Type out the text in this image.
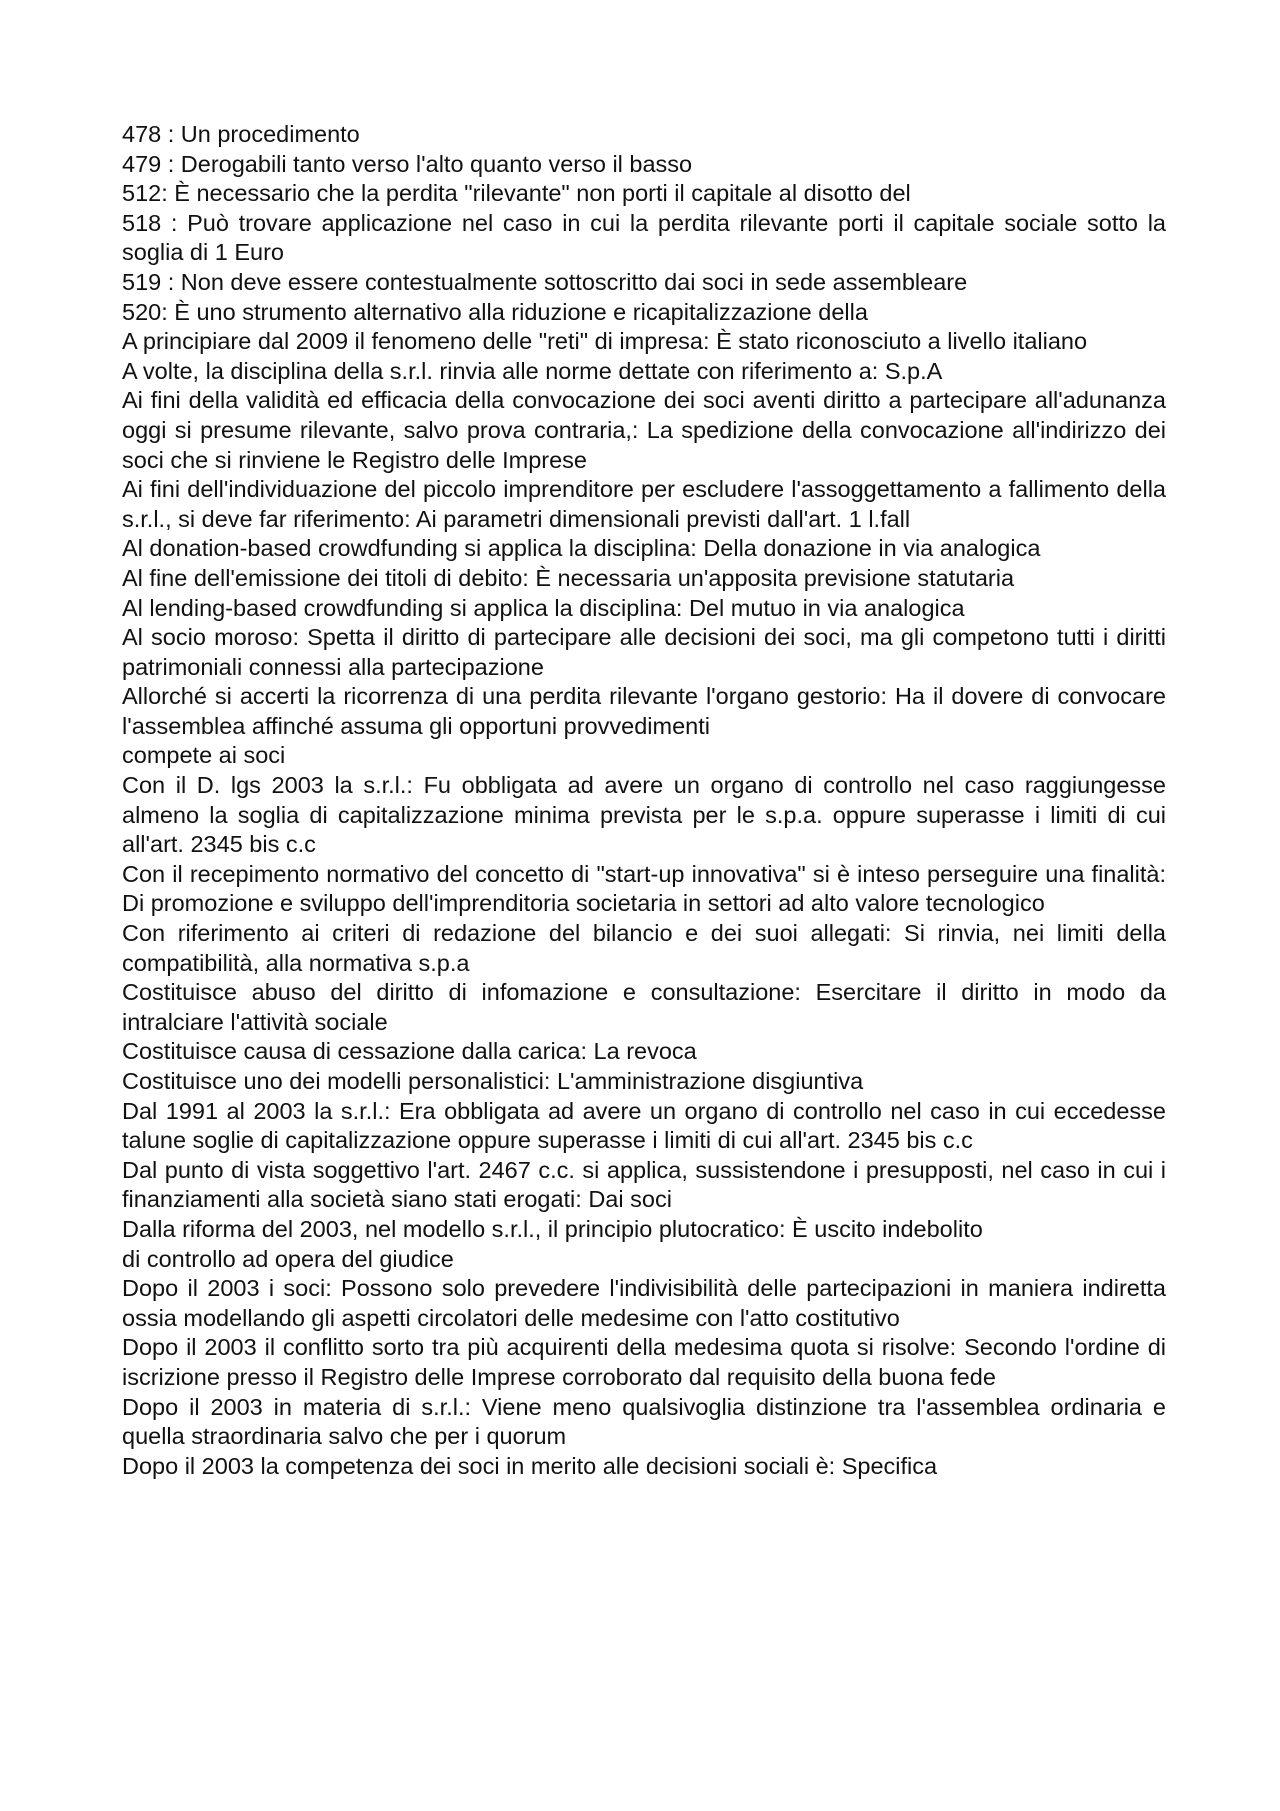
478 : Un procedimento

479 : Derogabili tanto verso l'alto quanto verso il basso

512: È necessario che la perdita "rilevante" non porti il capitale al disotto del

518 : Può trovare applicazione nel caso in cui la perdita rilevante porti il capitale sociale sotto la soglia di 1 Euro

519 : Non deve essere contestualmente sottoscritto dai soci in sede assembleare

520: È uno strumento alternativo alla riduzione e ricapitalizzazione della

A principiare dal 2009 il fenomeno delle "reti" di impresa: È stato riconosciuto a livello italiano

A volte, la disciplina della s.r.l. rinvia alle norme dettate con riferimento a: S.p.A

Ai fini della validità ed efficacia della convocazione dei soci aventi diritto a partecipare all'adunanza oggi si presume rilevante, salvo prova contraria,: La spedizione della convocazione all'indirizzo dei soci che si rinviene le Registro delle Imprese

Ai fini dell'individuazione del piccolo imprenditore per escludere l'assoggettamento a fallimento della s.r.l., si deve far riferimento: Ai parametri dimensionali previsti dall'art. 1 l.fall

Al donation-based crowdfunding si applica la disciplina: Della donazione in via analogica

Al fine dell'emissione dei titoli di debito: È necessaria un'apposita previsione statutaria

Al lending-based crowdfunding si applica la disciplina: Del mutuo in via analogica

Al socio moroso: Spetta il diritto di partecipare alle decisioni dei soci, ma gli competono tutti i diritti patrimoniali connessi alla partecipazione

Allorché si accerti la ricorrenza di una perdita rilevante l'organo gestorio: Ha il dovere di convocare l'assemblea affinché assuma gli opportuni provvedimenti

compete ai soci

Con il D. lgs 2003 la s.r.l.: Fu obbligata ad avere un organo di controllo nel caso raggiungesse almeno la soglia di capitalizzazione minima prevista per le s.p.a. oppure superasse i limiti di cui all'art. 2345 bis c.c

Con il recepimento normativo del concetto di "start-up innovativa" si è inteso perseguire una finalità: Di promozione e sviluppo dell'imprenditoria societaria in settori ad alto valore tecnologico

Con riferimento ai criteri di redazione del bilancio e dei suoi allegati: Si rinvia, nei limiti della compatibilità, alla normativa s.p.a

Costituisce abuso del diritto di infomazione e consultazione: Esercitare il diritto in modo da intralciare l'attività sociale

Costituisce causa di cessazione dalla carica: La revoca

Costituisce uno dei modelli personalistici: L'amministrazione disgiuntiva

Dal 1991 al 2003 la s.r.l.: Era obbligata ad avere un organo di controllo nel caso in cui eccedesse talune soglie di capitalizzazione oppure superasse i limiti di cui all'art. 2345 bis c.c

Dal punto di vista soggettivo l'art. 2467 c.c. si applica, sussistendone i presupposti, nel caso in cui i finanziamenti alla società siano stati erogati: Dai soci

Dalla riforma del 2003, nel modello s.r.l., il principio plutocratico: È uscito indebolito

di controllo ad opera del giudice

Dopo il 2003 i soci: Possono solo prevedere l'indivisibilità delle partecipazioni in maniera indiretta ossia modellando gli aspetti circolatori delle medesime con l'atto costitutivo

Dopo il 2003 il conflitto sorto tra più acquirenti della medesima quota si risolve: Secondo l'ordine di iscrizione presso il Registro delle Imprese corroborato dal requisito della buona fede

Dopo il 2003 in materia di s.r.l.: Viene meno qualsivoglia distinzione tra l'assemblea ordinaria e quella straordinaria salvo che per i quorum

Dopo il 2003 la competenza dei soci in merito alle decisioni sociali è: Specifica
